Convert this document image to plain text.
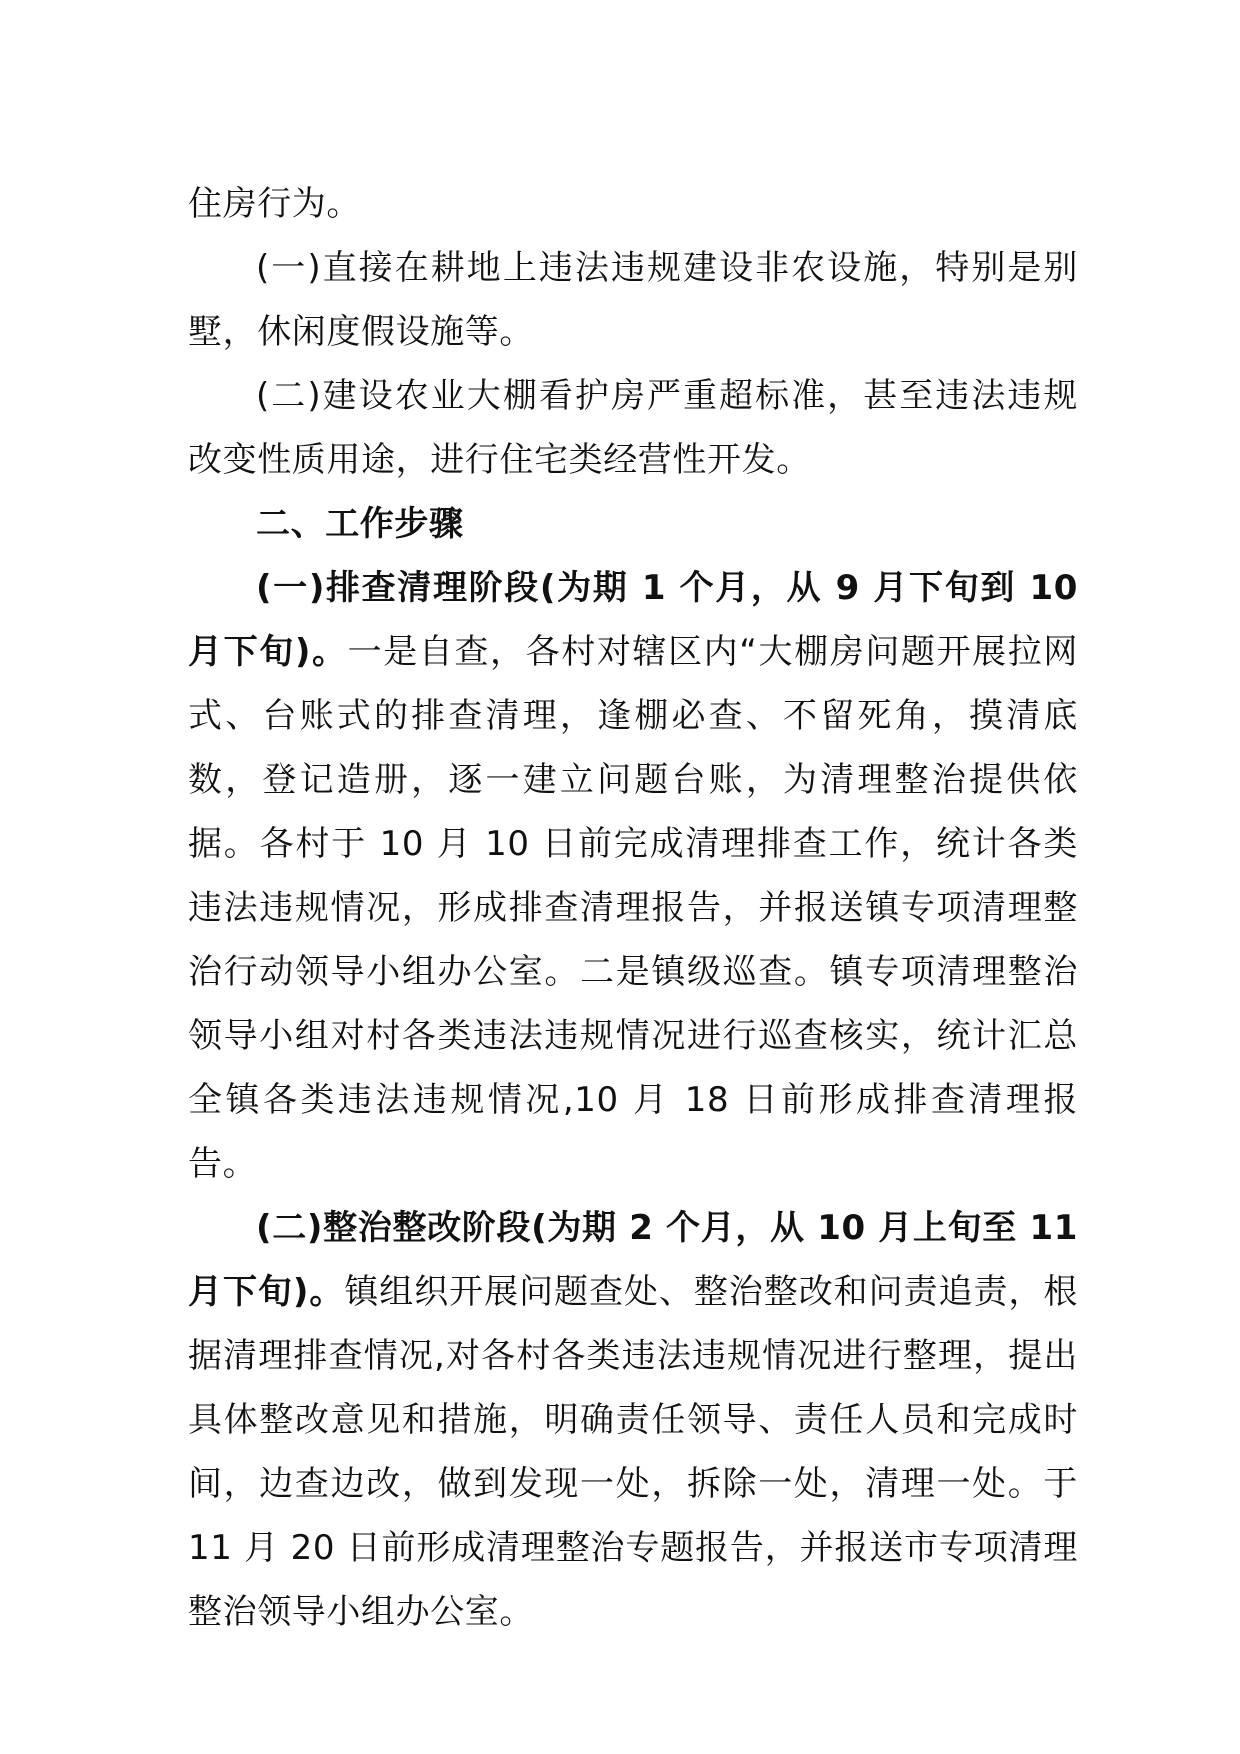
住房行为。

(一)直接在耕地上违法违规建设非农设施，特别是别墅，休闲度假设施等。

(二)建设农业大棚看护房严重超标准，甚至违法违规改变性质用途，进行住宅类经营性开发。

二、工作步骤

(一)排查清理阶段(为期 1 个月，从 9 月下旬到 10 月下旬)。一是自查，各村对辖区内“大棚房问题开展拉网式、台账式的排查清理，逢棚必查、不留死角，摸清底数，登记造册，逐一建立问题台账，为清理整治提供依据。各村于 10 月 10 日前完成清理排查工作，统计各类违法违规情况，形成排查清理报告，并报送镇专项清理整治行动领导小组办公室。二是镇级巡查。镇专项清理整治领导小组对村各类违法违规情况进行巡查核实，统计汇总全镇各类违法违规情况,10 月 18 日前形成排查清理报告。

(二)整治整改阶段(为期 2 个月，从 10 月上旬至 11 月下旬)。镇组织开展问题查处、整治整改和问责追责，根据清理排查情况,对各村各类违法违规情况进行整理，提出具体整改意见和措施，明确责任领导、责任人员和完成时间，边查边改，做到发现一处，拆除一处，清理一处。于 11 月 20 日前形成清理整治专题报告，并报送市专项清理整治领导小组办公室。
